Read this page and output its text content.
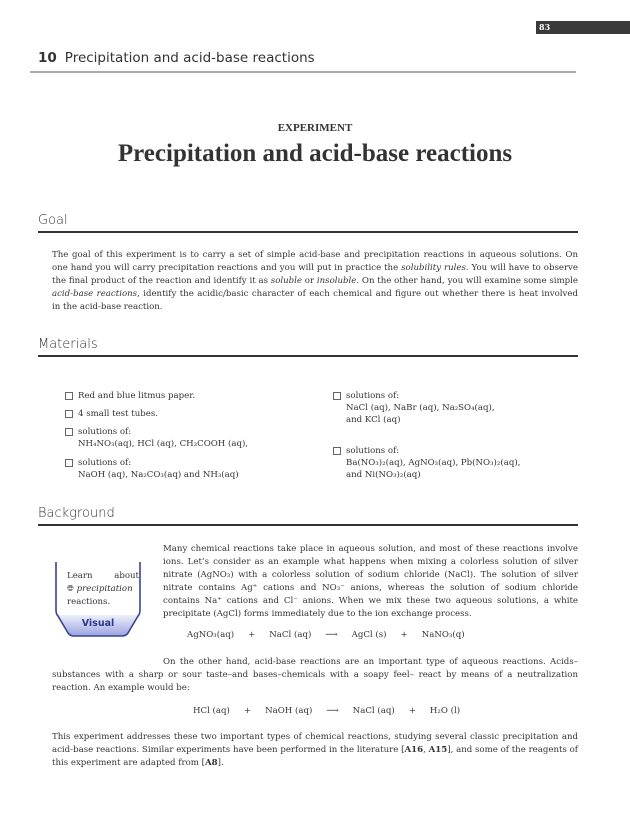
83
10 Precipitation and acid-base reactions
EXPERIMENT
Precipitation and acid-base reactions
Goal
The goal of this experiment is to carry a set of simple acid-base and precipitation reactions in aqueous solutions. On one hand you will carry precipitation reactions and you will put in practice the solubility rules. You will have to observe the final product of the reaction and identify it as soluble or insoluble. On the other hand, you will examine some simple acid-base reactions, identify the acidic/basic character of each chemical and figure out whether there is heat involved in the acid-base reaction.
Materials
Red and blue litmus paper.
4 small test tubes.
solutions of:
NH₄NO₃(aq), HCl (aq), CH₃COOH (aq),
solutions of:
NaOH (aq), Na₂CO₃(aq) and NH₃(aq)
solutions of:
NaCl (aq), NaBr (aq), Na₂SO₄(aq),
and KCl (aq)
solutions of:
Ba(NO₃)₂(aq), AgNO₃(aq), Pb(NO₃)₂(aq),
and Ni(NO₃)₂(aq)
Background
Learn	about
🌐︎ precipitation
reactions.
Visual
Many chemical reactions take place in aqueous solution, and most of these reactions involve ions. Let’s consider as an example what happens when mixing a colorless solution of silver nitrate (AgNO₃) with a colorless solution of sodium chloride (NaCl). The solution of silver nitrate contains Ag⁺ cations and NO₃⁻ anions, whereas the solution of sodium chloride contains Na⁺ cations and Cl⁻ anions. When we mix these two aqueous solutions, a white precipitate (AgCl) forms immediately due to the ion exchange process.
AgNO₃(aq) + NaCl (aq) ⟶ AgCl (s) + NaNO₃(q)
On the other hand, acid-base reactions are an important type of aqueous reactions. Acids–substances with a sharp or sour taste–and bases–chemicals with a soapy feel– react by means of a neutralization reaction. An example would be:
HCl (aq) + NaOH (aq) ⟶ NaCl (aq) + H₂O (l)
This experiment addresses these two important types of chemical reactions, studying several classic precipitation and acid-base reactions. Similar experiments have been performed in the literature [A16, A15], and some of the reagents of this experiment are adapted from [A8].
